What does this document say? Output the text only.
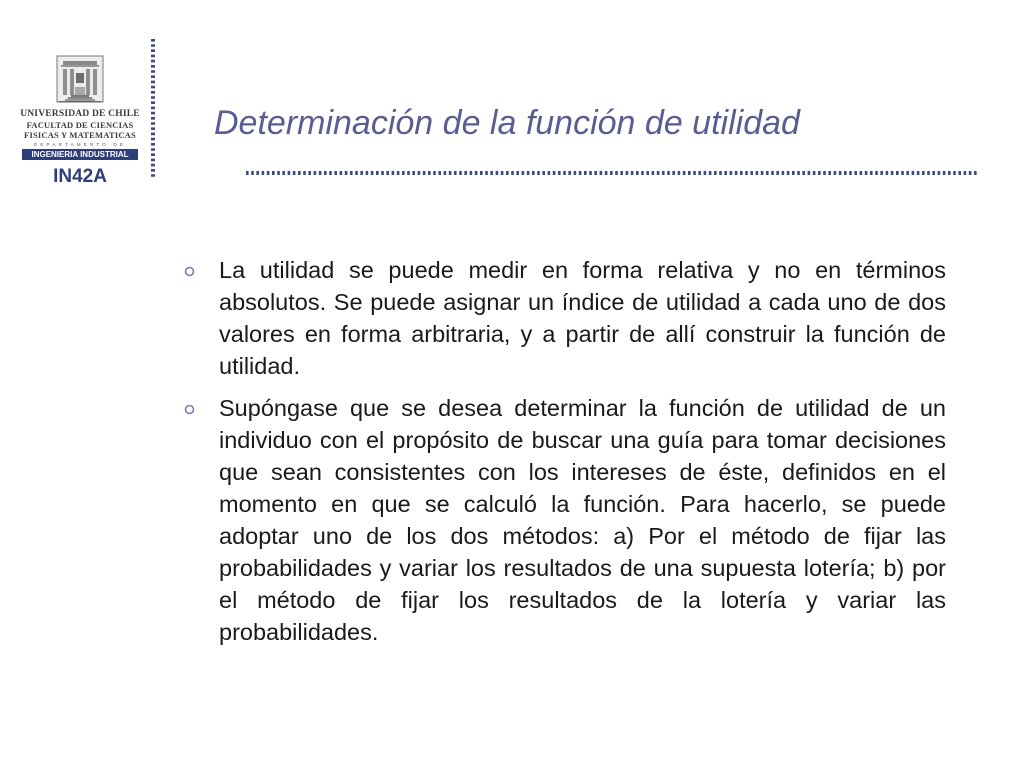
UNIVERSIDAD DE CHILE
FACULTAD DE CIENCIAS
FISICAS Y MATEMATICAS
DEPARTAMENTO DE
INGENIERIA INDUSTRIAL
IN42A
Determinación de la función de utilidad
La utilidad se puede medir en forma relativa y no en términos absolutos. Se puede asignar un índice de utilidad a cada uno de dos valores en forma arbitraria, y a partir de allí construir la función de utilidad.
Supóngase que se desea determinar la función de utilidad de un individuo con el propósito de buscar una guía para tomar decisiones que sean consistentes con los intereses de éste, definidos en el momento en que se calculó la función. Para hacerlo, se puede adoptar uno de los dos métodos: a) Por el método de fijar las probabilidades y variar los resultados de una supuesta lotería; b) por el método de fijar los resultados de la lotería y variar las probabilidades.
